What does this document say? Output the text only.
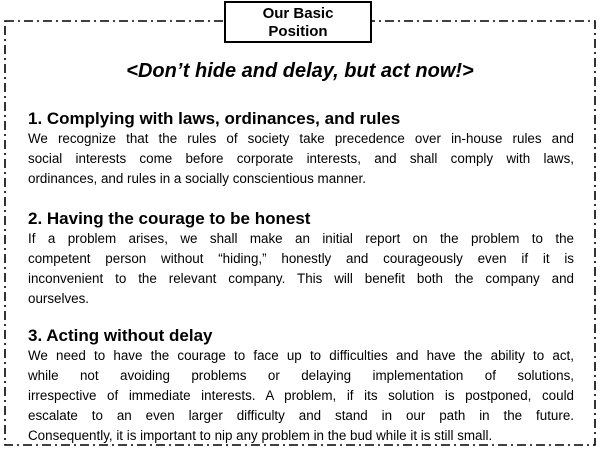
Our Basic
Position
<Don’t hide and delay, but act now!>
1. Complying with laws, ordinances, and rules
We recognize that the rules of society take precedence over in-house rules and
social interests come before corporate interests, and shall comply with laws,
ordinances, and rules in a socially conscientious manner.
2. Having the courage to be honest
If a problem arises, we shall make an initial report on the problem to the
competent person without “hiding,” honestly and courageously even if it is
inconvenient to the relevant company. This will benefit both the company and
ourselves.
3. Acting without delay
We need to have the courage to face up to difficulties and have the ability to act,
while not avoiding problems or delaying implementation of solutions,
irrespective of immediate interests. A problem, if its solution is postponed, could
escalate to an even larger difficulty and stand in our path in the future.
Consequently, it is important to nip any problem in the bud while it is still small.
